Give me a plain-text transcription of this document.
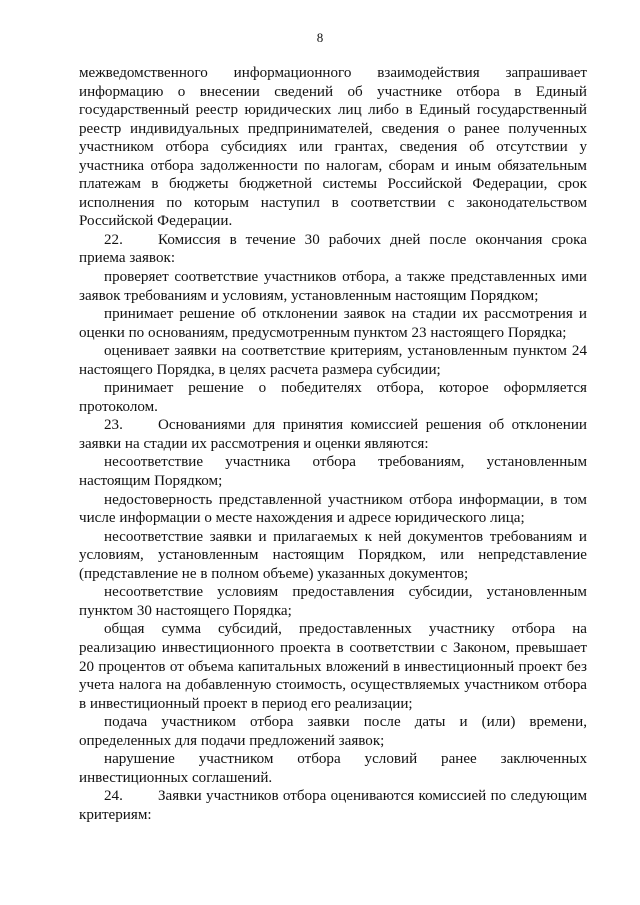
8

межведомственного информационного взаимодействия запрашивает информацию о внесении сведений об участнике отбора в Единый государственный реестр юридических лиц либо в Единый государственный реестр индивидуальных предпринимателей, сведения о ранее полученных участником отбора субсидиях или грантах, сведения об отсутствии у участника отбора задолженности по налогам, сборам и иным обязательным платежам в бюджеты бюджетной системы Российской Федерации, срок исполнения по которым наступил в соответствии с законодательством Российской Федерации.

22. Комиссия в течение 30 рабочих дней после окончания срока приема заявок:

проверяет соответствие участников отбора, а также представленных ими заявок требованиям и условиям, установленным настоящим Порядком;

принимает решение об отклонении заявок на стадии их рассмотрения и оценки по основаниям, предусмотренным пунктом 23 настоящего Порядка;

оценивает заявки на соответствие критериям, установленным пунктом 24 настоящего Порядка, в целях расчета размера субсидии;

принимает решение о победителях отбора, которое оформляется протоколом.

23. Основаниями для принятия комиссией решения об отклонении заявки на стадии их рассмотрения и оценки являются:

несоответствие участника отбора требованиям, установленным настоящим Порядком;

недостоверность представленной участником отбора информации, в том числе информации о месте нахождения и адресе юридического лица;

несоответствие заявки и прилагаемых к ней документов требованиям и условиям, установленным настоящим Порядком, или непредставление (представление не в полном объеме) указанных документов;

несоответствие условиям предоставления субсидии, установленным пунктом 30 настоящего Порядка;

общая сумма субсидий, предоставленных участнику отбора на реализацию инвестиционного проекта в соответствии с Законом, превышает 20 процентов от объема капитальных вложений в инвестиционный проект без учета налога на добавленную стоимость, осуществляемых участником отбора в инвестиционный проект в период его реализации;

подача участником отбора заявки после даты и (или) времени, определенных для подачи предложений заявок;

нарушение участником отбора условий ранее заключенных инвестиционных соглашений.

24. Заявки участников отбора оцениваются комиссией по следующим критериям:
